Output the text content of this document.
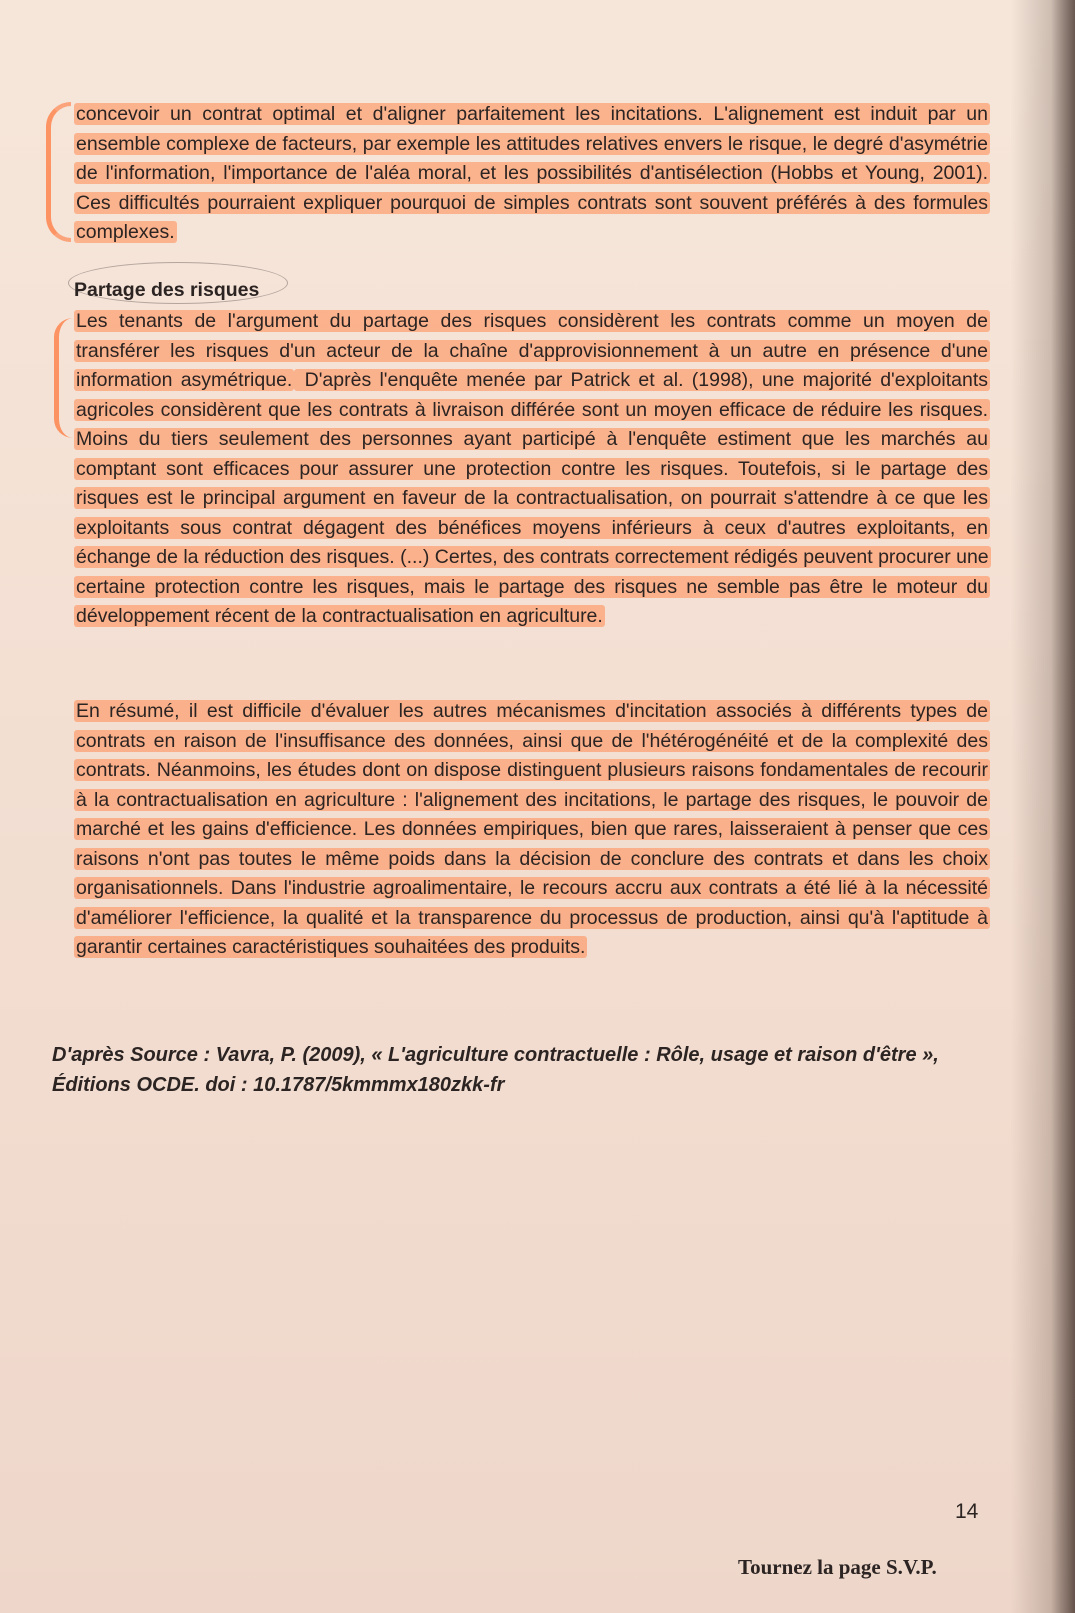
concevoir un contrat optimal et d'aligner parfaitement les incitations. L'alignement est induit par un ensemble complexe de facteurs, par exemple les attitudes relatives envers le risque, le degré d'asymétrie de l'information, l'importance de l'aléa moral, et les possibilités d'antisélection (Hobbs et Young, 2001). Ces difficultés pourraient expliquer pourquoi de simples contrats sont souvent préférés à des formules complexes.

Partage des risques

Les tenants de l'argument du partage des risques considèrent les contrats comme un moyen de transférer les risques d'un acteur de la chaîne d'approvisionnement à un autre en présence d'une information asymétrique. D'après l'enquête menée par Patrick et al. (1998), une majorité d'exploitants agricoles considèrent que les contrats à livraison différée sont un moyen efficace de réduire les risques. Moins du tiers seulement des personnes ayant participé à l'enquête estiment que les marchés au comptant sont efficaces pour assurer une protection contre les risques. Toutefois, si le partage des risques est le principal argument en faveur de la contractualisation, on pourrait s'attendre à ce que les exploitants sous contrat dégagent des bénéfices moyens inférieurs à ceux d'autres exploitants, en échange de la réduction des risques. (...) Certes, des contrats correctement rédigés peuvent procurer une certaine protection contre les risques, mais le partage des risques ne semble pas être le moteur du développement récent de la contractualisation en agriculture.

En résumé, il est difficile d'évaluer les autres mécanismes d'incitation associés à différents types de contrats en raison de l'insuffisance des données, ainsi que de l'hétérogénéité et de la complexité des contrats. Néanmoins, les études dont on dispose distinguent plusieurs raisons fondamentales de recourir à la contractualisation en agriculture : l'alignement des incitations, le partage des risques, le pouvoir de marché et les gains d'efficience. Les données empiriques, bien que rares, laisseraient à penser que ces raisons n'ont pas toutes le même poids dans la décision de conclure des contrats et dans les choix organisationnels. Dans l'industrie agroalimentaire, le recours accru aux contrats a été lié à la nécessité d'améliorer l'efficience, la qualité et la transparence du processus de production, ainsi qu'à l'aptitude à garantir certaines caractéristiques souhaitées des produits.

D'après Source : Vavra, P. (2009), « L'agriculture contractuelle : Rôle, usage et raison d'être », Éditions OCDE. doi : 10.1787/5kmmmx180zkk-fr

14

Tournez la page S.V.P.
